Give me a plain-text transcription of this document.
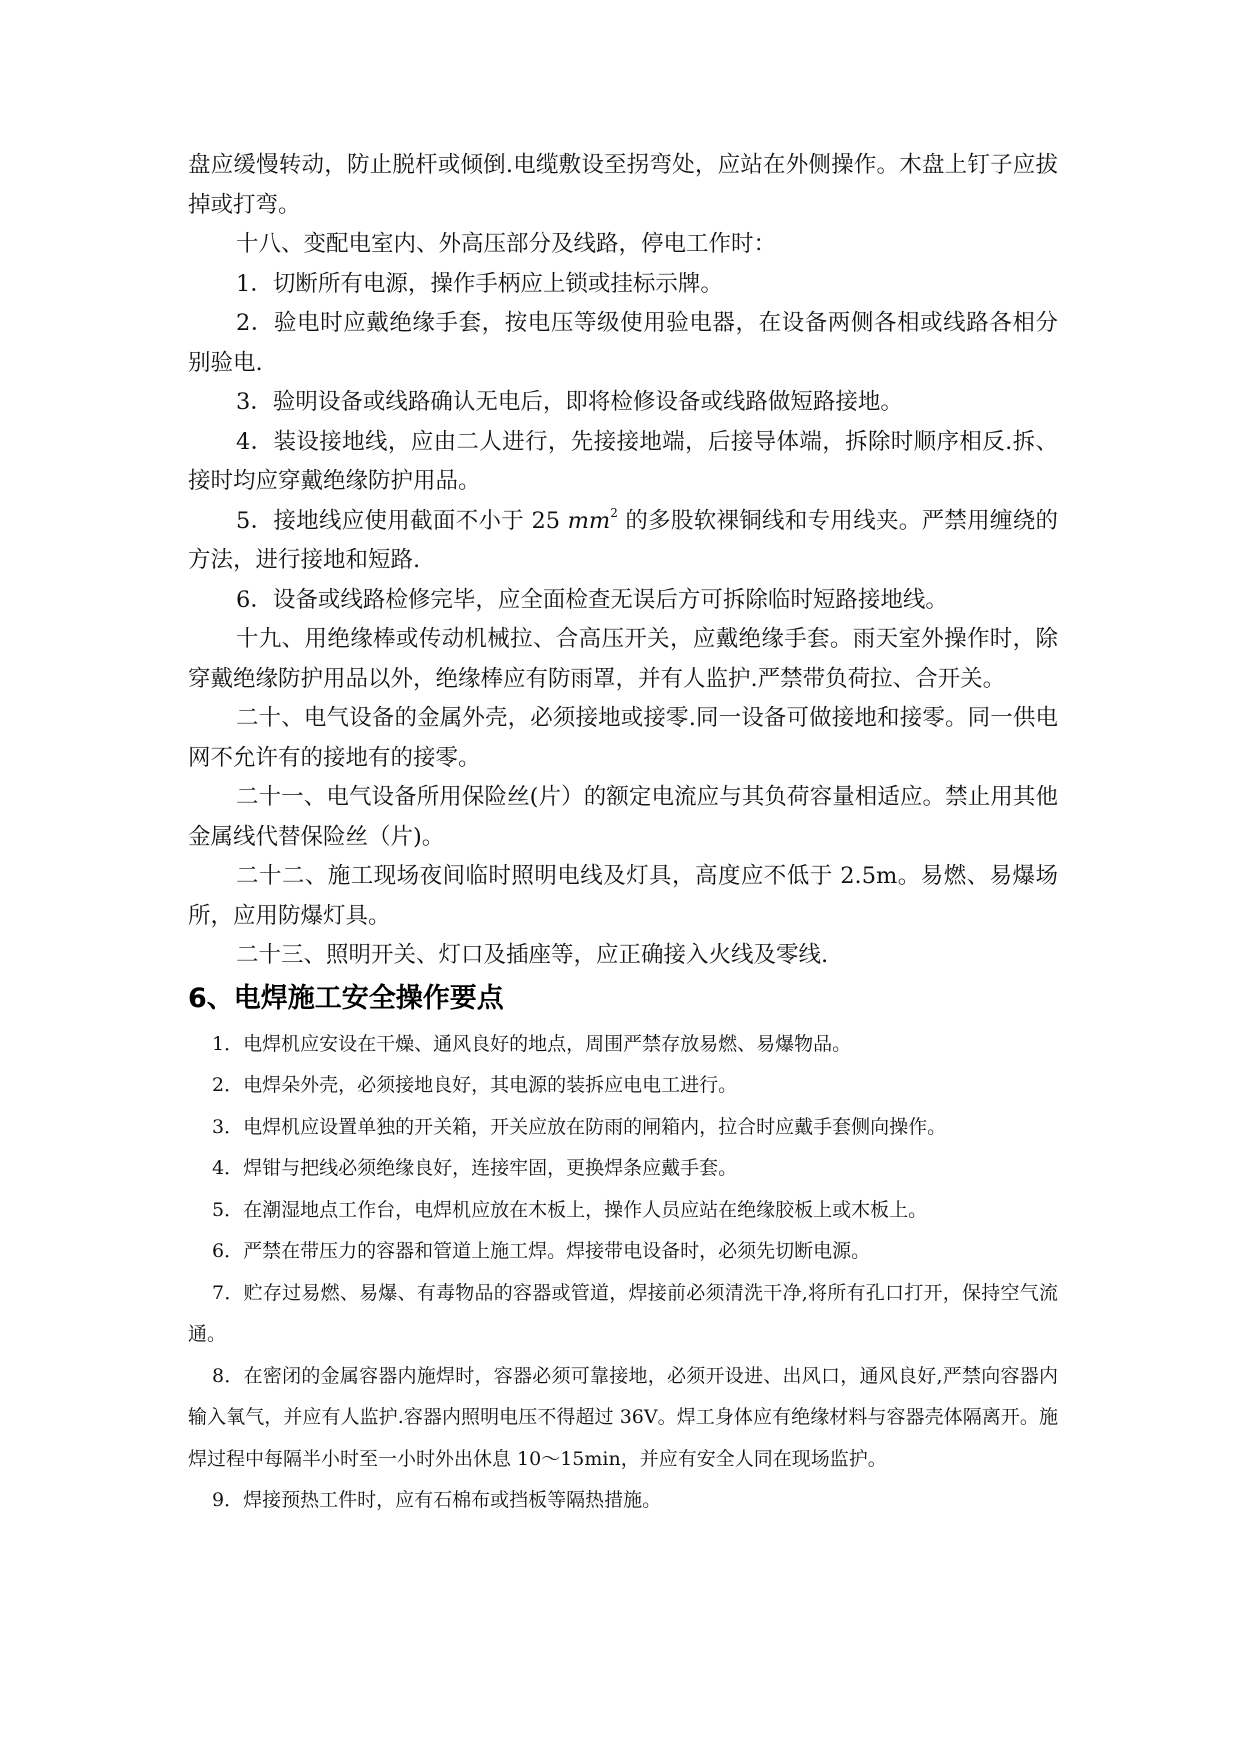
盘应缓慢转动，防止脱杆或倾倒.电缆敷设至拐弯处，应站在外侧操作。木盘上钉子应拔掉或打弯。

十八、变配电室内、外高压部分及线路，停电工作时：

1．切断所有电源，操作手柄应上锁或挂标示牌。

2．验电时应戴绝缘手套，按电压等级使用验电器，在设备两侧各相或线路各相分别验电.

3．验明设备或线路确认无电后，即将检修设备或线路做短路接地。

4．装设接地线，应由二人进行，先接接地端，后接导体端，拆除时顺序相反.拆、接时均应穿戴绝缘防护用品。

5．接地线应使用截面不小于 25 $mm^2$ 的多股软裸铜线和专用线夹。严禁用缠绕的方法，进行接地和短路.

6．设备或线路检修完毕，应全面检查无误后方可拆除临时短路接地线。

十九、用绝缘棒或传动机械拉、合高压开关，应戴绝缘手套。雨天室外操作时，除穿戴绝缘防护用品以外，绝缘棒应有防雨罩，并有人监护.严禁带负荷拉、合开关。

二十、电气设备的金属外壳，必须接地或接零.同一设备可做接地和接零。同一供电网不允许有的接地有的接零。

二十一、电气设备所用保险丝(片）的额定电流应与其负荷容量相适应。禁止用其他金属线代替保险丝（片)。

二十二、施工现场夜间临时照明电线及灯具，高度应不低于 2.5m。易燃、易爆场所，应用防爆灯具。

二十三、照明开关、灯口及插座等，应正确接入火线及零线.

6、电焊施工安全操作要点

1．电焊机应安设在干燥、通风良好的地点，周围严禁存放易燃、易爆物品。

2．电焊朵外壳，必须接地良好，其电源的装拆应电电工进行。

3．电焊机应设置单独的开关箱，开关应放在防雨的闸箱内，拉合时应戴手套侧向操作。

4．焊钳与把线必须绝缘良好，连接牢固，更换焊条应戴手套。

5．在潮湿地点工作台，电焊机应放在木板上，操作人员应站在绝缘胶板上或木板上。

6．严禁在带压力的容器和管道上施工焊。焊接带电设备时，必须先切断电源。

7．贮存过易燃、易爆、有毒物品的容器或管道，焊接前必须清洗干净,将所有孔口打开，保持空气流通。

8．在密闭的金属容器内施焊时，容器必须可靠接地，必须开设进、出风口，通风良好,严禁向容器内输入氧气，并应有人监护.容器内照明电压不得超过 36V。焊工身体应有绝缘材料与容器壳体隔离开。施焊过程中每隔半小时至一小时外出休息 10～15min，并应有安全人同在现场监护。

9．焊接预热工件时，应有石棉布或挡板等隔热措施。
